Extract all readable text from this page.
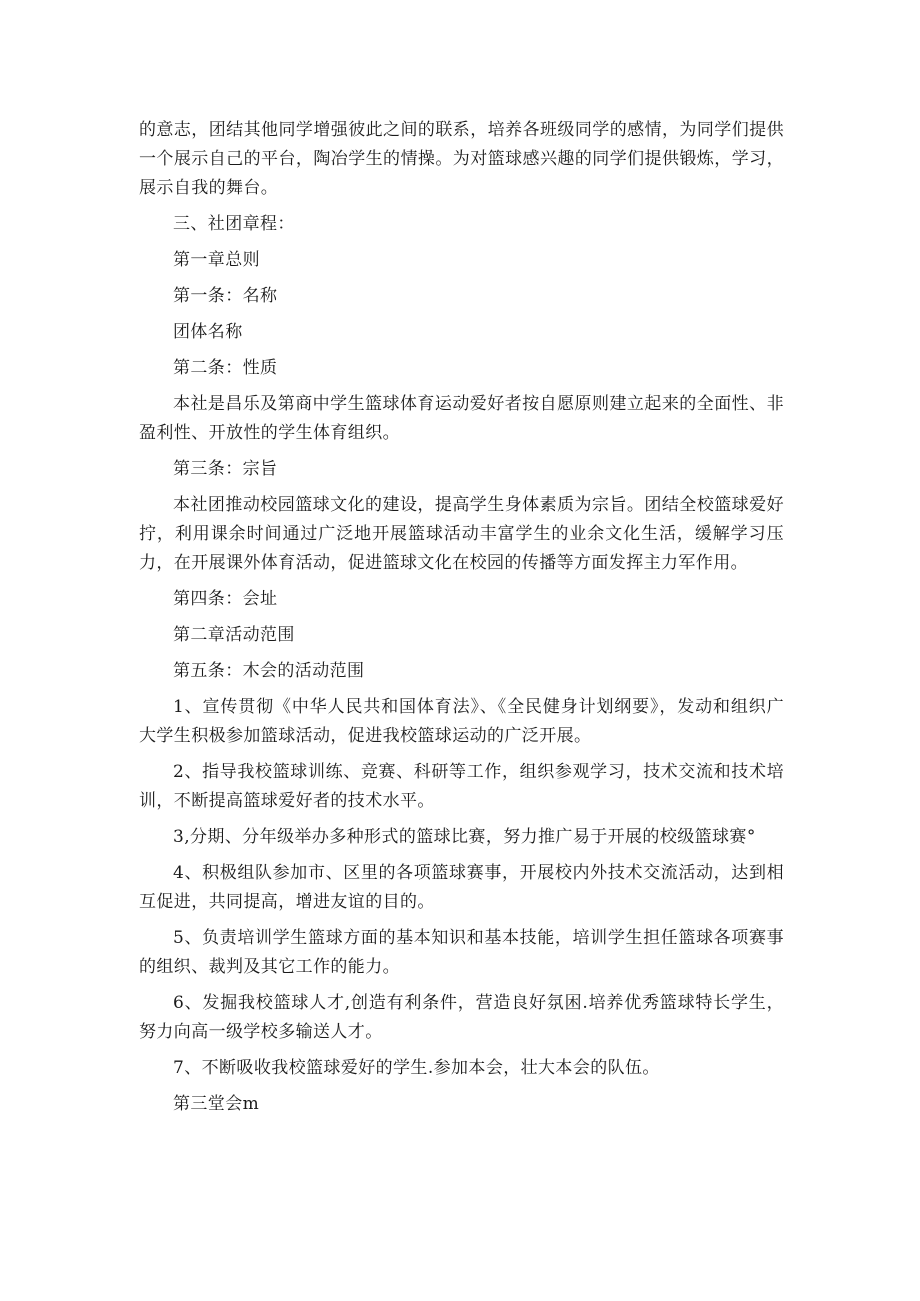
的意志，团结其他同学增强彼此之间的联系，培养各班级同学的感情，为同学们提供一个展示自己的平台，陶冶学生的情操。为对篮球感兴趣的同学们提供锻炼，学习，展示自我的舞台。

三、社团章程：

第一章总则

第一条：名称

团体名称

第二条：性质

本社是昌乐及第商中学生篮球体育运动爱好者按自愿原则建立起来的全面性、非盈利性、开放性的学生体育组织。

第三条：宗旨

本社团推动校园篮球文化的建设，提高学生身体素质为宗旨。团结全校篮球爱好拧，利用课余时间通过广泛地开展篮球活动丰富学生的业余文化生活，缓解学习压力，在开展课外体育活动，促进篮球文化在校园的传播等方面发挥主力军作用。

第四条：会址

第二章活动范围

第五条：木会的活动范围

1、宣传贯彻《中华人民共和国体育法》、《全民健身计划纲要》，发动和组织广大学生积极参加篮球活动，促进我校篮球运动的广泛开展。

2、指导我校篮球训练、竞赛、科研等工作，组织参观学习，技术交流和技术培训，不断提高篮球爱好者的技术水平。

3,分期、分年级举办多种形式的篮球比赛，努力推广易于开展的校级篮球赛°

4、积极组队参加市、区里的各项篮球赛事，开展校内外技术交流活动，达到相互促进，共同提高，增进友谊的目的。

5、负责培训学生篮球方面的基本知识和基本技能，培训学生担任篮球各项赛事的组织、裁判及其它工作的能力。

6、发掘我校篮球人才,创造有利条件，营造良好氛困.培养优秀篮球特长学生，努力向高一级学校多输送人才。

7、不断吸收我校篮球爱好的学生.参加本会，壮大本会的队伍。

第三堂会m
